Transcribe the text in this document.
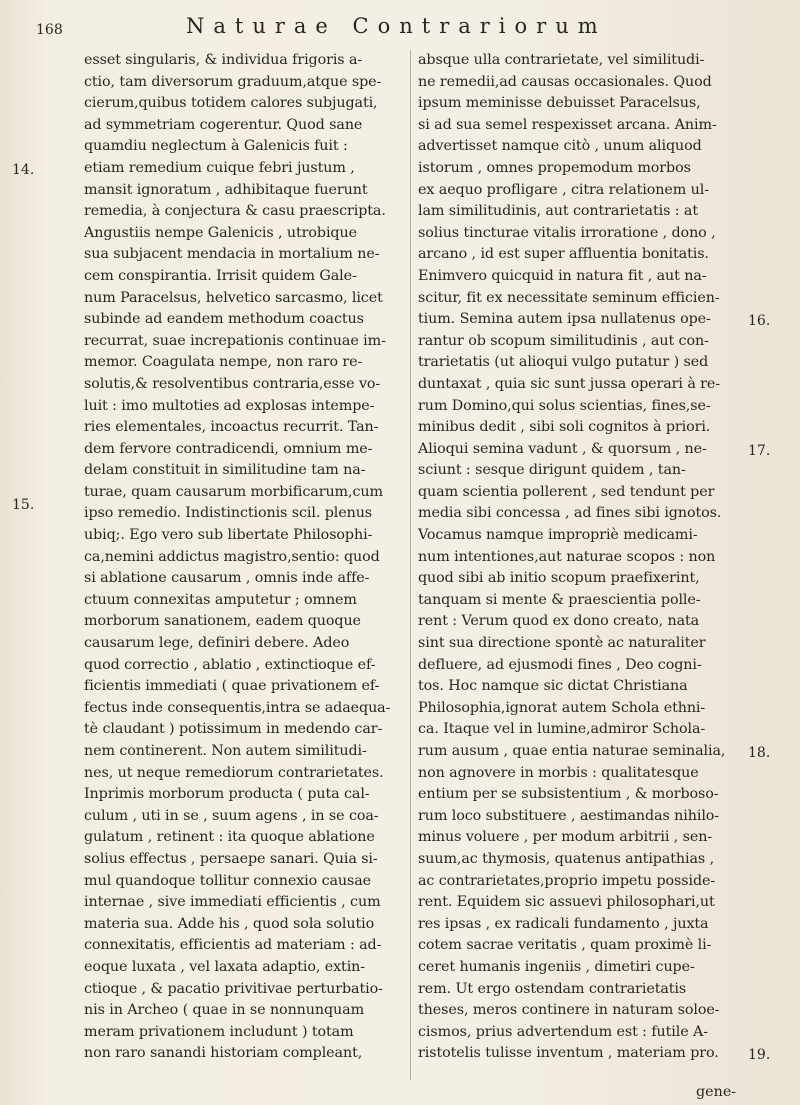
168	Naturae Contrariorum
esset singularis, & individua frigoris a-
ctio, tam diversorum graduum,atque spe-
cierum,quibus totidem calores subjugati,
ad symmetriam cogerentur. Quod sane
quamdiu neglectum à Galenicis fuit :
etiam remedium cuique febri justum ,
mansit ignoratum , adhibitaque fuerunt
remedia, à conjectura & casu praescripta.
Angustiis nempe Galenicis , utrobique
sua subjacent mendacia in mortalium ne-
cem conspirantia. Irrisit quidem Gale-
num Paracelsus, helvetico sarcasmo, licet
subinde ad eandem methodum coactus
recurrat, suae increpationis continuae im-
memor. Coagulata nempe, non raro re-
solutis,& resolventibus contraria,esse vo-
luit : imo multoties ad explosas intempe-
ries elementales, incoactus recurrit. Tan-
dem fervore contradicendi, omnium me-
delam constituit in similitudine tam na-
turae, quam causarum morbificarum,cum
ipso remedio. Indistinctionis scil. plenus
ubiq;. Ego vero sub libertate Philosophi-
ca,nemini addictus magistro,sentio: quod
si ablatione causarum , omnis inde affe-
ctuum connexitas amputetur ; omnem
morborum sanationem, eadem quoque
causarum lege, definiri debere. Adeo
quod correctio , ablatio , extinctioque ef-
ficientis immediati ( quae privationem ef-
fectus inde consequentis,intra se adaequa-
tè claudant ) potissimum in medendo car-
nem continerent. Non autem similitudi-
nes, ut neque remediorum contrarietates.
Inprimis morborum producta ( puta cal-
culum , uti in se , suum agens , in se coa-
gulatum , retinent : ita quoque ablatione
solius effectus , persaepe sanari. Quia si-
mul quandoque tollitur connexio causae
internae , sive immediati efficientis , cum
materia sua. Adde his , quod sola solutio
connexitatis, efficientis ad materiam : ad-
eoque luxata , vel laxata adaptio, extin-
ctioque , & pacatio privitivae perturbatio-
nis in Archeo ( quae in se nonnunquam
meram privationem includunt ) totam
non raro sanandi historiam compleant,
absque ulla contrarietate, vel similitudi-
ne remedii,ad causas occasionales. Quod
ipsum meminisse debuisset Paracelsus,
si ad sua semel respexisset arcana. Anim-
advertisset namque citò , unum aliquod
istorum , omnes propemodum morbos
ex aequo profligare , citra relationem ul-
lam similitudinis, aut contrarietatis : at
solius tincturae vitalis irroratione , dono ,
arcano , id est super affluentia bonitatis.
Enimvero quicquid in natura fit , aut na-
scitur, fit ex necessitate seminum efficien-
tium. Semina autem ipsa nullatenus ope-
rantur ob scopum similitudinis , aut con-
trarietatis (ut alioqui vulgo putatur ) sed
duntaxat , quia sic sunt jussa operari à re-
rum Domino,qui solus scientias, fines,se-
minibus dedit , sibi soli cognitos à priori.
Alioqui semina vadunt , & quorsum , ne-
sciunt : sesque dirigunt quidem , tan-
quam scientia pollerent , sed tendunt per
media sibi concessa , ad fines sibi ignotos.
Vocamus namque impropriè medicami-
num intentiones,aut naturae scopos : non
quod sibi ab initio scopum praefixerint,
tanquam si mente & praescientia polle-
rent : Verum quod ex dono creato, nata
sint sua directione spontè ac naturaliter
defluere, ad ejusmodi fines , Deo cogni-
tos. Hoc namque sic dictat Christiana
Philosophia,ignorat autem Schola ethni-
ca. Itaque vel in lumine,admiror Schola-
rum ausum , quae entia naturae seminalia,
non agnovere in morbis : qualitatesque
entium per se subsistentium , & morboso-
rum loco substituere , aestimandas nihilo-
minus voluere , per modum arbitrii , sen-
suum,ac thymosis, quatenus antipathias ,
ac contrarietates,proprio impetu posside-
rent. Equidem sic assuevi philosophari,ut
res ipsas , ex radicali fundamento , juxta
cotem sacrae veritatis , quam proximè li-
ceret humanis ingeniis , dimetiri cupe-
rem. Ut ergo ostendam contrarietatis
theses, meros continere in naturam soloe-
cismos, prius advertendum est : futile A-
ristotelis tulisse inventum , materiam pro.
14.
15.
16.
17.
18.
19.
gene-
